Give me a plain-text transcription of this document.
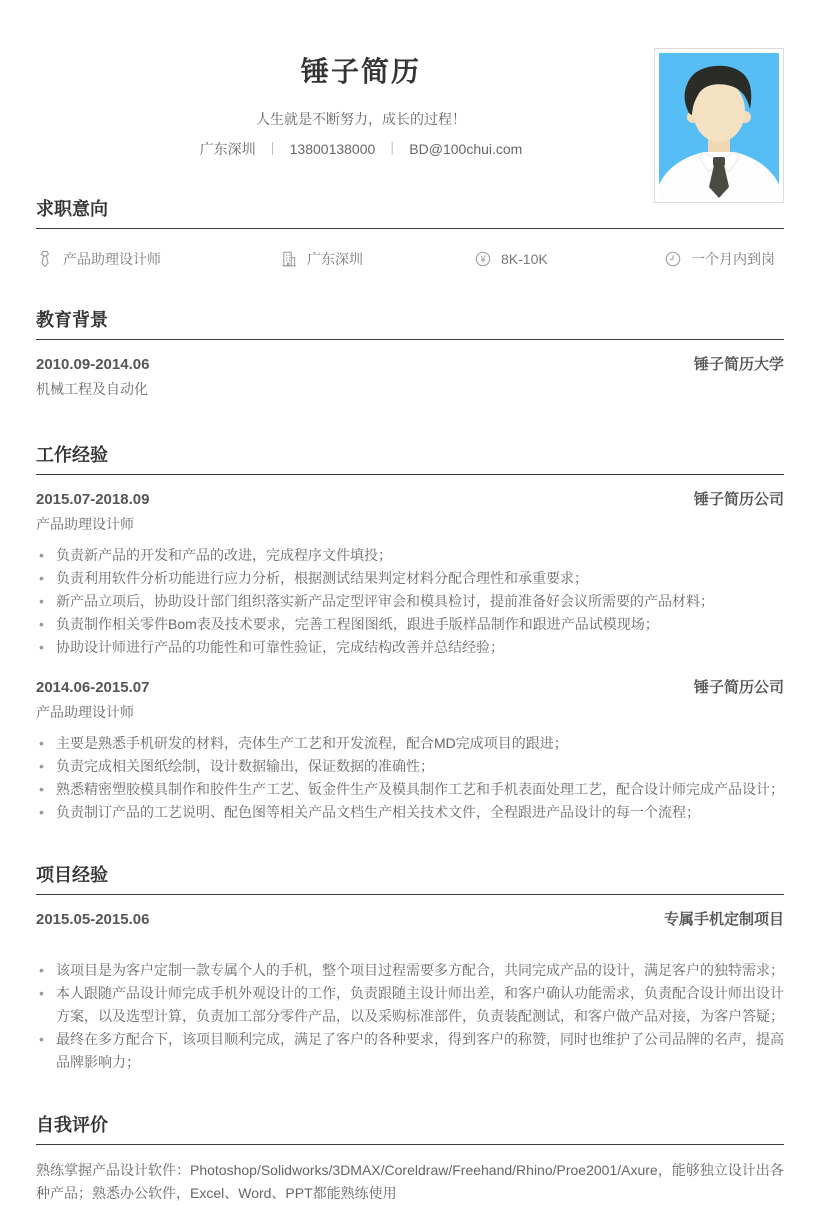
锤子简历
人生就是不断努力，成长的过程！
广东深圳 丨 13800138000 丨 BD@100chui.com
求职意向
产品助理设计师	广东深圳	¥ 8K-10K	一个月内到岗
教育背景
2010.09-2014.06	锤子简历大学
机械工程及自动化
工作经验
2015.07-2018.09	锤子简历公司
产品助理设计师
• 负责新产品的开发和产品的改进，完成程序文件填投；
• 负责利用软件分析功能进行应力分析，根据测试结果判定材料分配合理性和承重要求；
• 新产品立项后，协助设计部门组织落实新产品定型评审会和模具检讨，提前准备好会议所需要的产品材料；
• 负责制作相关零件Bom表及技术要求，完善工程图图纸，跟进手版样品制作和跟进产品试模现场；
• 协助设计师进行产品的功能性和可靠性验证，完成结构改善并总结经验；
2014.06-2015.07	锤子简历公司
产品助理设计师
• 主要是熟悉手机研发的材料，壳体生产工艺和开发流程，配合MD完成项目的跟进；
• 负责完成相关图纸绘制，设计数据输出，保证数据的准确性；
• 熟悉精密塑胶模具制作和胶件生产工艺、钣金件生产及模具制作工艺和手机表面处理工艺，配合设计师完成产品设计；
• 负责制订产品的工艺说明、配色图等相关产品文档生产相关技术文件，全程跟进产品设计的每一个流程；
项目经验
2015.05-2015.06	专属手机定制项目
• 该项目是为客户定制一款专属个人的手机，整个项目过程需要多方配合，共同完成产品的设计，满足客户的独特需求；
• 本人跟随产品设计师完成手机外观设计的工作，负责跟随主设计师出差，和客户确认功能需求，负责配合设计师出设计方案，以及选型计算，负责加工部分零件产品，以及采购标准部件，负责装配测试，和客户做产品对接，为客户答疑；
• 最终在多方配合下，该项目顺利完成，满足了客户的各种要求，得到客户的称赞，同时也维护了公司品牌的名声，提高品牌影响力；
自我评价
熟练掌握产品设计软件：Photoshop/Solidworks/3DMAX/Coreldraw/Freehand/Rhino/Proe2001/Axure，能够独立设计出各种产品；熟悉办公软件，Excel、Word、PPT都能熟练使用
